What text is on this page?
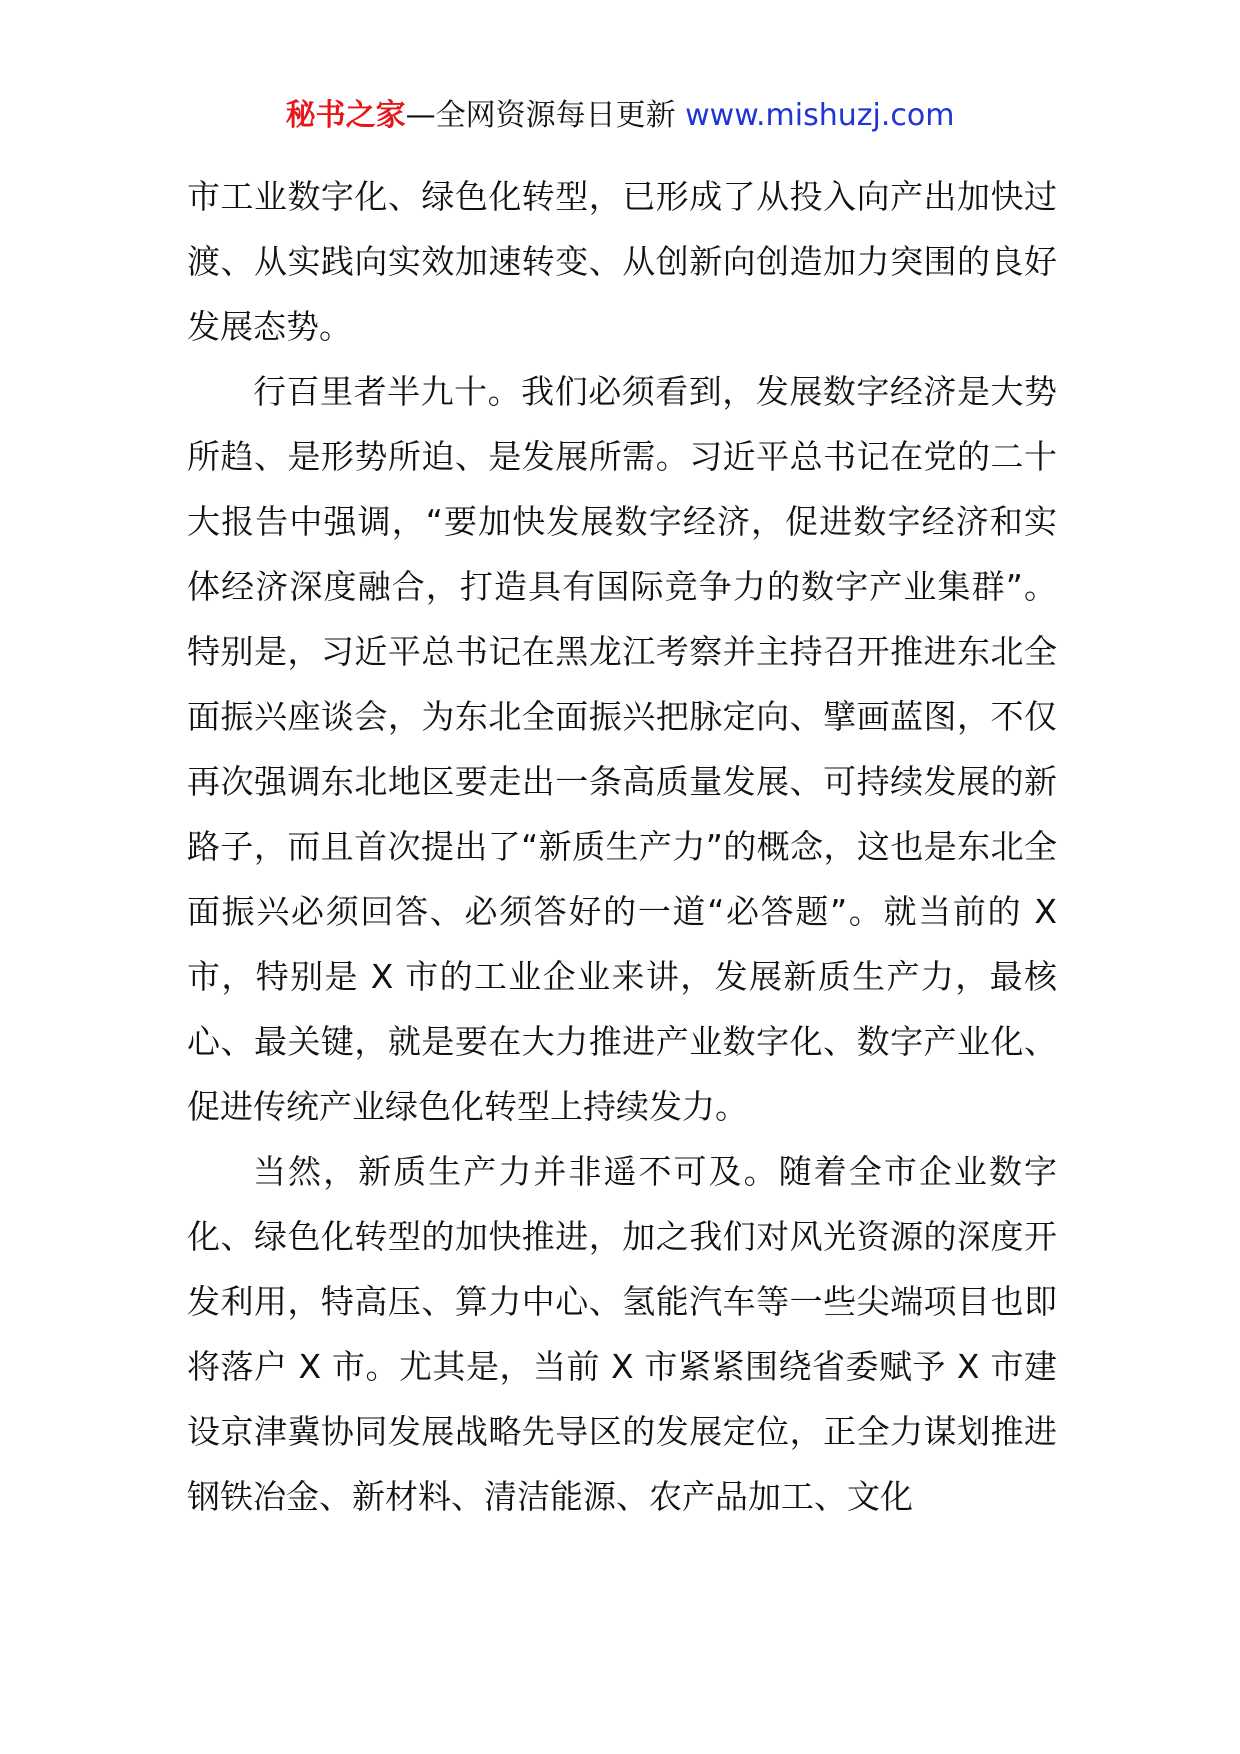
秘书之家—全网资源每日更新 www.mishuzj.com

市工业数字化、绿色化转型，已形成了从投入向产出加快过渡、从实践向实效加速转变、从创新向创造加力突围的良好发展态势。

行百里者半九十。我们必须看到，发展数字经济是大势所趋、是形势所迫、是发展所需。习近平总书记在党的二十大报告中强调，“要加快发展数字经济，促进数字经济和实体经济深度融合，打造具有国际竞争力的数字产业集群”。特别是，习近平总书记在黑龙江考察并主持召开推进东北全面振兴座谈会，为东北全面振兴把脉定向、擘画蓝图，不仅再次强调东北地区要走出一条高质量发展、可持续发展的新路子，而且首次提出了“新质生产力”的概念，这也是东北全面振兴必须回答、必须答好的一道“必答题”。就当前的 X 市，特别是 X 市的工业企业来讲，发展新质生产力，最核心、最关键，就是要在大力推进产业数字化、数字产业化、促进传统产业绿色化转型上持续发力。

当然，新质生产力并非遥不可及。随着全市企业数字化、绿色化转型的加快推进，加之我们对风光资源的深度开发利用，特高压、算力中心、氢能汽车等一些尖端项目也即将落户 X 市。尤其是，当前 X 市紧紧围绕省委赋予 X 市建设京津冀协同发展战略先导区的发展定位，正全力谋划推进钢铁冶金、新材料、清洁能源、农产品加工、文化
